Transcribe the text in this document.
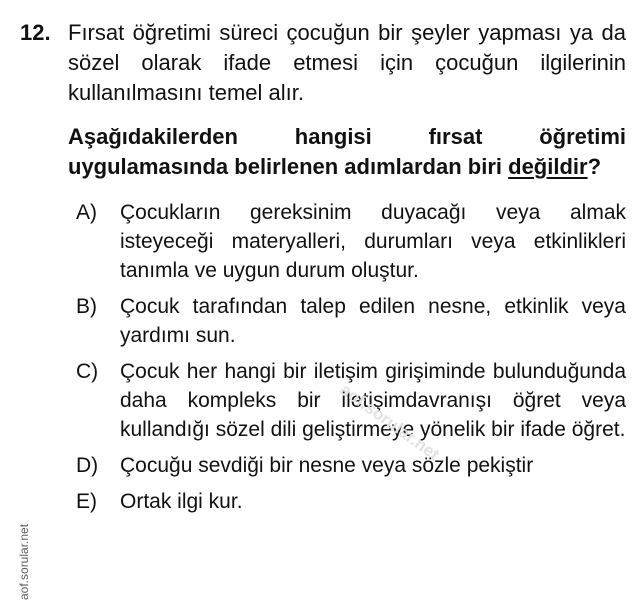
12. Fırsat öğretimi süreci çocuğun bir şeyler yapması ya da sözel olarak ifade etmesi için çocuğun ilgilerinin kullanılmasını temel alır.
Aşağıdakilerden hangisi fırsat öğretimi uygulamasında belirlenen adımlardan biri değildir?
A) Çocukların gereksinim duyacağı veya almak isteyeceği materyalleri, durumları veya etkinlikleri tanımla ve uygun durum oluştur.
B) Çocuk tarafından talep edilen nesne, etkinlik veya yardımı sun.
C) Çocuk her hangi bir iletişim girişiminde bulunduğunda daha kompleks bir iletişimdavranışı öğret veya kullandığı sözel dili geliştirmeye yönelik bir ifade öğret.
D) Çocuğu sevdiği bir nesne veya sözle pekiştir
E) Ortak ilgi kur.
aof.sorular.net
aof.sorular.net
